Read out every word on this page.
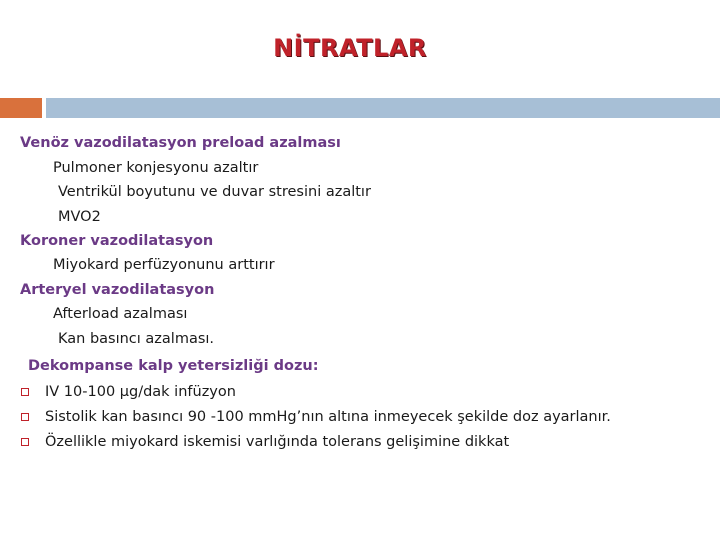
NİTRATLAR
Venöz vazodilatasyon preload azalması
Pulmoner konjesyonu azaltır
Ventrikül boyutunu ve duvar stresini azaltır
MVO2
Koroner vazodilatasyon
Miyokard perfüzyonunu arttırır
Arteryel vazodilatasyon
Afterload azalması
Kan basıncı azalması.
Dekompanse kalp yetersizliği dozu:
IV 10-100 μg/dak infüzyon
Sistolik kan basıncı 90 -100 mmHg’nın altına inmeyecek şekilde doz ayarlanır.
Özellikle miyokard iskemisi varlığında tolerans gelişimine dikkat
